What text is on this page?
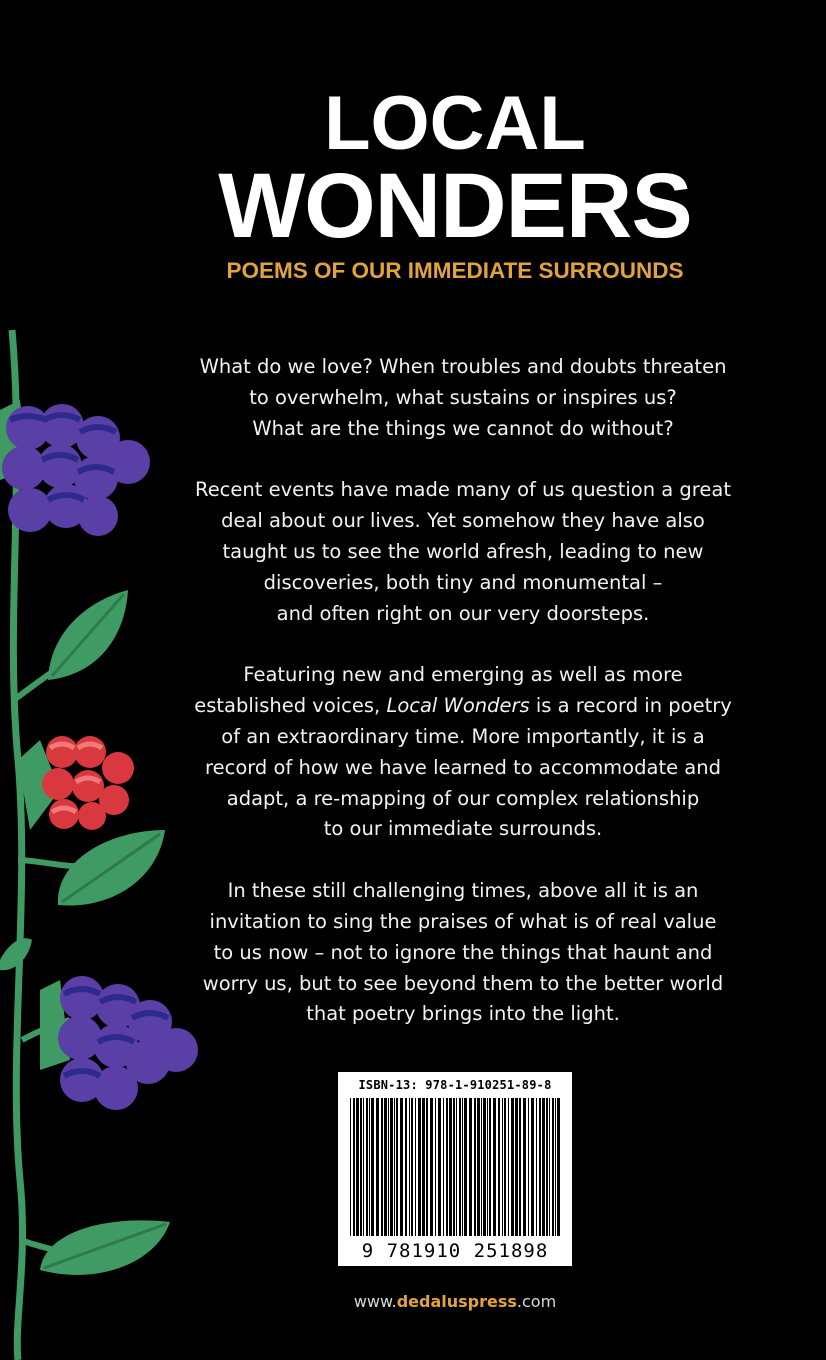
LOCAL
WONDERS
POEMS OF OUR IMMEDIATE SURROUNDS

What do we love? When troubles and doubts threaten
to overwhelm, what sustains or inspires us?
What are the things we cannot do without?

Recent events have made many of us question a great
deal about our lives. Yet somehow they have also
taught us to see the world afresh, leading to new
discoveries, both tiny and monumental –
and often right on our very doorsteps.

Featuring new and emerging as well as more
established voices, Local Wonders is a record in poetry
of an extraordinary time. More importantly, it is a
record of how we have learned to accommodate and
adapt, a re-mapping of our complex relationship
to our immediate surrounds.

In these still challenging times, above all it is an
invitation to sing the praises of what is of real value
to us now – not to ignore the things that haunt and
worry us, but to see beyond them to the better world
that poetry brings into the light.

ISBN-13: 978-1-910251-89-8
9 781910 251898
www.dedaluspress.com
